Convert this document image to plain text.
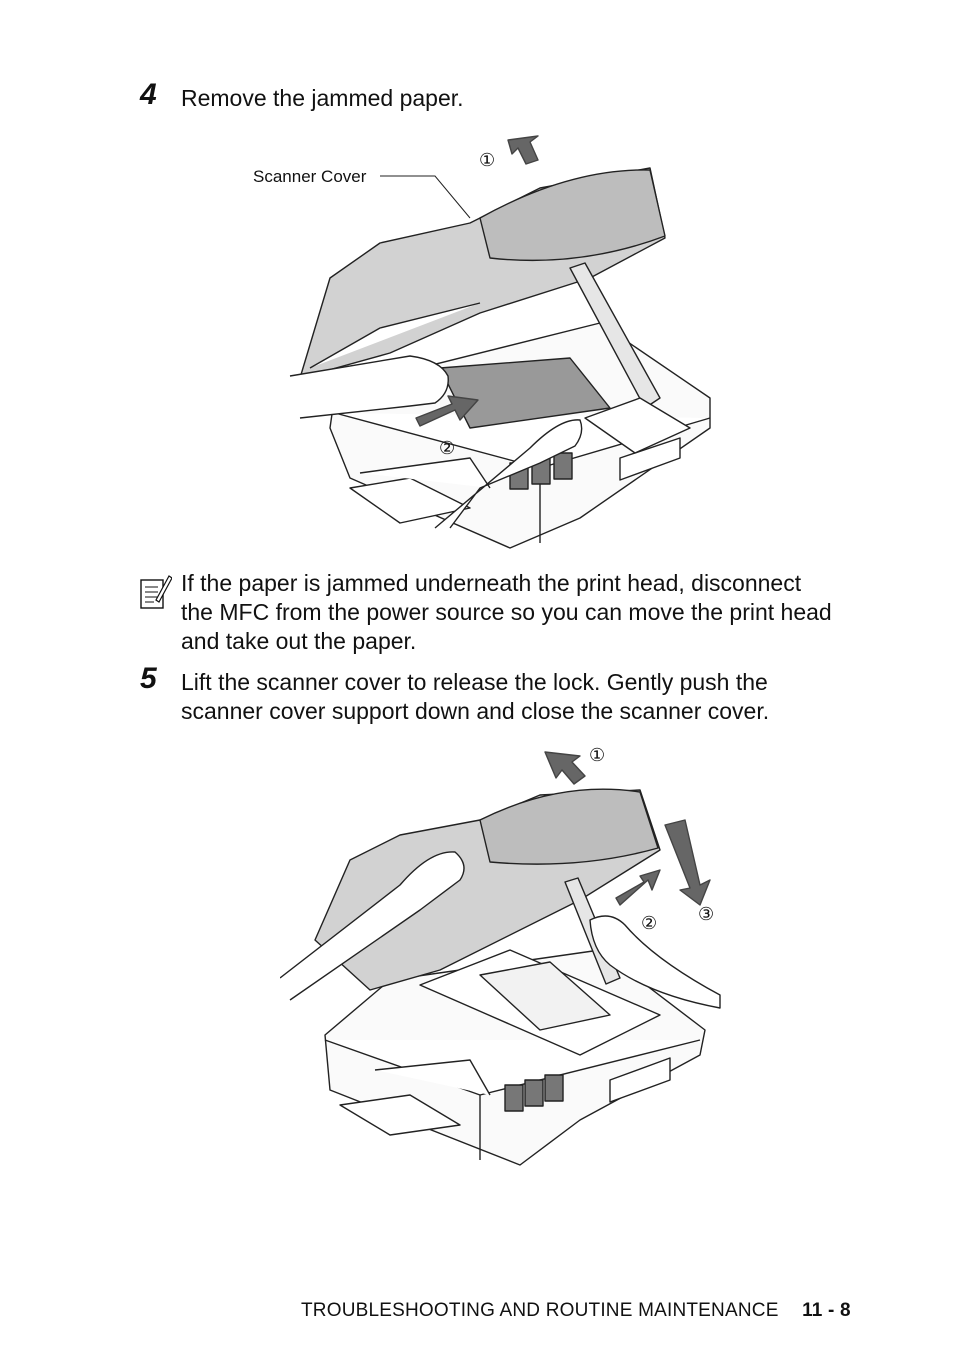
4 Remove the jammed paper.
Scanner Cover
①
②
If the paper is jammed underneath the print head, disconnect
the MFC from the power source so you can move the print head
and take out the paper.
5 Lift the scanner cover to release the lock. Gently push the
scanner cover support down and close the scanner cover.
①
② ③
TROUBLESHOOTING AND ROUTINE MAINTENANCE 11 - 8
